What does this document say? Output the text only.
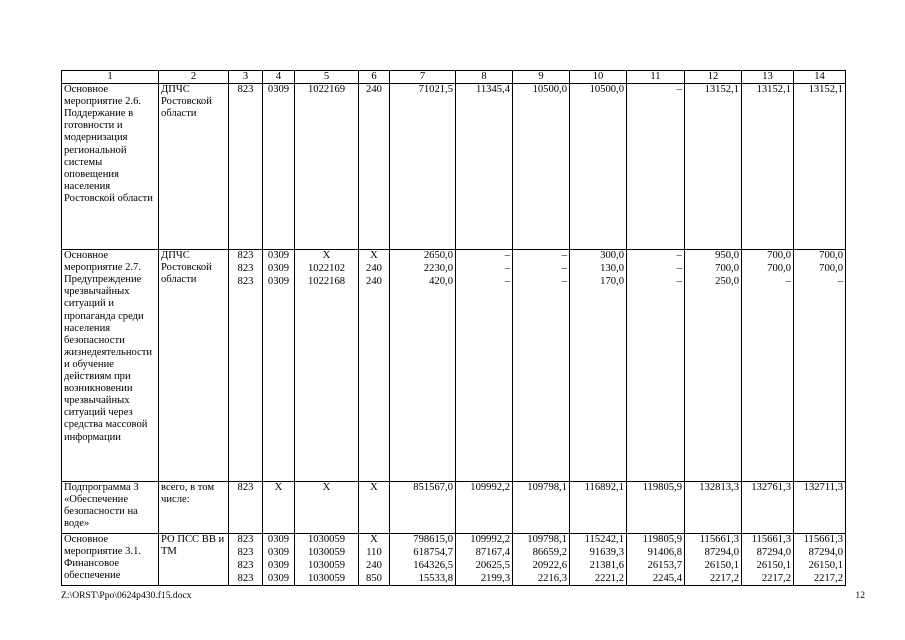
1	2	3	4	5	6	7	8	9	10	11	12	13	14
Основное мероприятие 2.6. Поддержание в готовности и модернизация региональной системы оповещения населения Ростовской области	ДПЧС Ростовской области	823	0309	1022169	240	71021,5	11345,4	10500,0	10500,0	–	13152,1	13152,1	13152,1
Основное мероприятие 2.7. Предупреждение чрезвычайных ситуаций и пропаганда среди населения безопасности жизнедеятельности и обучение действиям при возникновении чрезвычайных ситуаций через средства массовой информации	ДПЧС Ростовской области	823	0309	Х	Х	2650,0	–	–	300,0	–	950,0	700,0	700,0
		823	0309	1022102	240	2230,0	–	–	130,0	–	700,0	700,0	700,0
		823	0309	1022168	240	420,0	–	–	170,0	–	250,0	–	–
Подпрограмма 3 «Обеспечение безопасности на воде»	всего, в том числе:	823	Х	Х	Х	851567,0	109992,2	109798,1	116892,1	119805,9	132813,3	132761,3	132711,3
Основное мероприятие 3.1. Финансовое обеспечение	РО ПСС ВВ и ТМ	823	0309	1030059	Х	798615,0	109992,2	109798,1	115242,1	119805,9	115661,3	115661,3	115661,3
		823	0309	1030059	110	618754,7	87167,4	86659,2	91639,3	91406,8	87294,0	87294,0	87294,0
		823	0309	1030059	240	164326,5	20625,5	20922,6	21381,6	26153,7	26150,1	26150,1	26150,1
		823	0309	1030059	850	15533,8	2199,3	2216,3	2221,2	2245,4	2217,2	2217,2	2217,2
Z:\ORST\Ppo\0624p430.f15.docx	12
